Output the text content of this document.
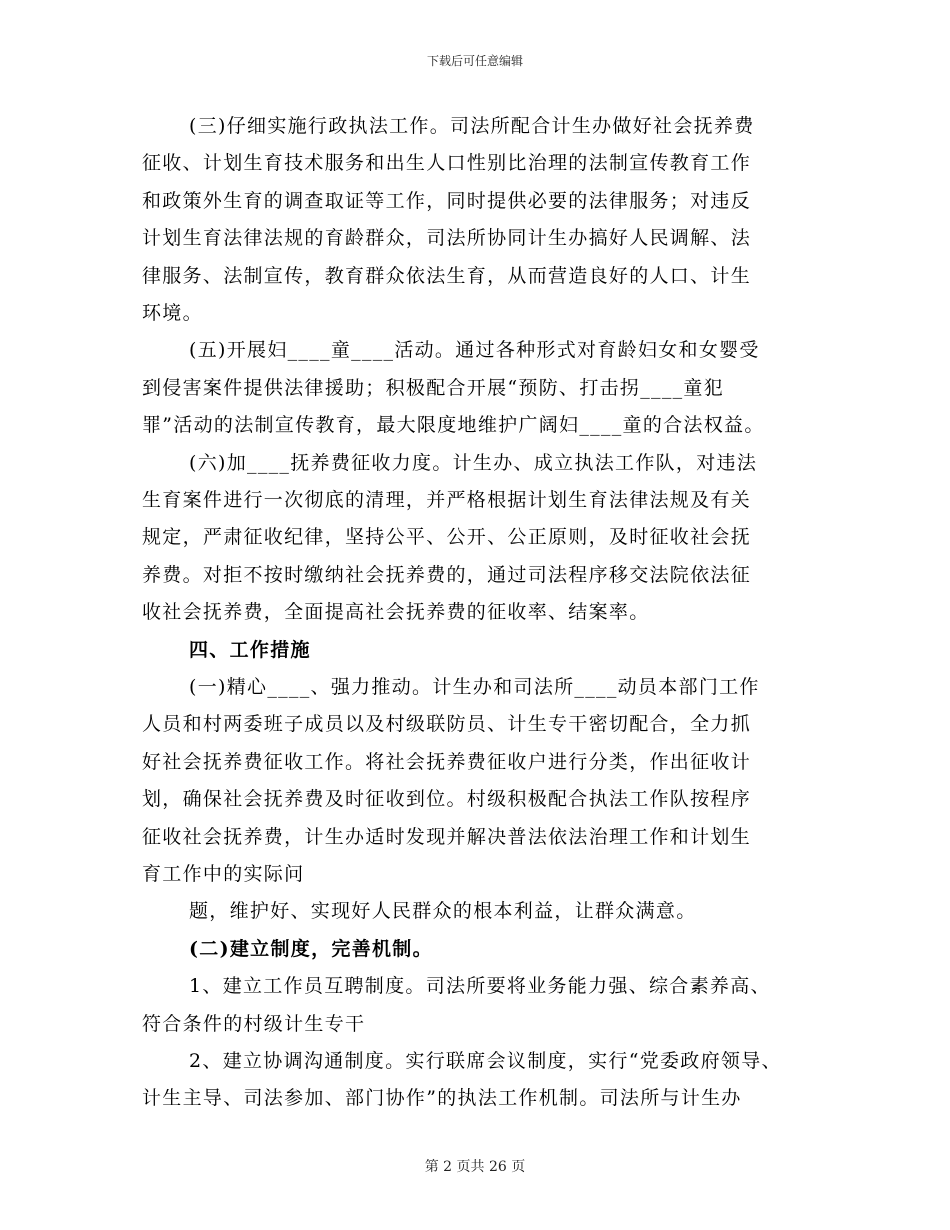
下载后可任意编辑
(三)仔细实施行政执法工作。司法所配合计生办做好社会抚养费
征收、计划生育技术服务和出生人口性别比治理的法制宣传教育工作
和政策外生育的调查取证等工作，同时提供必要的法律服务；对违反
计划生育法律法规的育龄群众，司法所协同计生办搞好人民调解、法
律服务、法制宣传，教育群众依法生育，从而营造良好的人口、计生
环境。
(五)开展妇____童____活动。通过各种形式对育龄妇女和女婴受
到侵害案件提供法律援助；积极配合开展“预防、打击拐____童犯
罪”活动的法制宣传教育，最大限度地维护广阔妇____童的合法权益。
(六)加____抚养费征收力度。计生办、成立执法工作队，对违法
生育案件进行一次彻底的清理，并严格根据计划生育法律法规及有关
规定，严肃征收纪律，坚持公平、公开、公正原则，及时征收社会抚
养费。对拒不按时缴纳社会抚养费的，通过司法程序移交法院依法征
收社会抚养费，全面提高社会抚养费的征收率、结案率。
四、工作措施
(一)精心____、强力推动。计生办和司法所____动员本部门工作
人员和村两委班子成员以及村级联防员、计生专干密切配合，全力抓
好社会抚养费征收工作。将社会抚养费征收户进行分类，作出征收计
划，确保社会抚养费及时征收到位。村级积极配合执法工作队按程序
征收社会抚养费，计生办适时发现并解决普法依法治理工作和计划生
育工作中的实际问
题，维护好、实现好人民群众的根本利益，让群众满意。
(二)建立制度，完善机制。
1、建立工作员互聘制度。司法所要将业务能力强、综合素养高、
符合条件的村级计生专干
2、建立协调沟通制度。实行联席会议制度，实行“党委政府领导、
计生主导、司法参加、部门协作”的执法工作机制。司法所与计生办
第 2 页共 26 页
